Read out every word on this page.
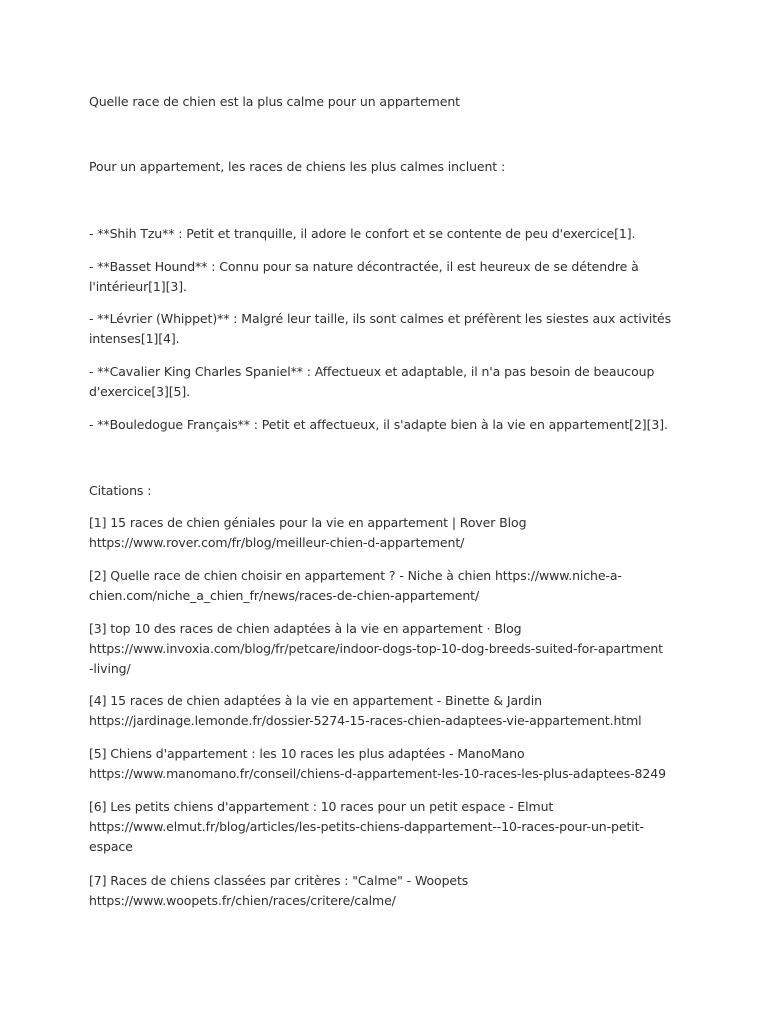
Quelle race de chien est la plus calme pour un appartement

Pour un appartement, les races de chiens les plus calmes incluent :

- **Shih Tzu** : Petit et tranquille, il adore le confort et se contente de peu d'exercice[1].

- **Basset Hound** : Connu pour sa nature décontractée, il est heureux de se détendre à
l'intérieur[1][3].

- **Lévrier (Whippet)** : Malgré leur taille, ils sont calmes et préfèrent les siestes aux activités
intenses[1][4].

- **Cavalier King Charles Spaniel** : Affectueux et adaptable, il n'a pas besoin de beaucoup
d'exercice[3][5].

- **Bouledogue Français** : Petit et affectueux, il s'adapte bien à la vie en appartement[2][3].

Citations :

[1] 15 races de chien géniales pour la vie en appartement | Rover Blog
https://www.rover.com/fr/blog/meilleur-chien-d-appartement/

[2] Quelle race de chien choisir en appartement ? - Niche à chien https://www.niche-a-
chien.com/niche_a_chien_fr/news/races-de-chien-appartement/

[3] top 10 des races de chien adaptées à la vie en appartement · Blog
https://www.invoxia.com/blog/fr/petcare/indoor-dogs-top-10-dog-breeds-suited-for-apartment
-living/

[4] 15 races de chien adaptées à la vie en appartement - Binette & Jardin
https://jardinage.lemonde.fr/dossier-5274-15-races-chien-adaptees-vie-appartement.html

[5] Chiens d'appartement : les 10 races les plus adaptées - ManoMano
https://www.manomano.fr/conseil/chiens-d-appartement-les-10-races-les-plus-adaptees-8249

[6] Les petits chiens d'appartement : 10 races pour un petit espace - Elmut
https://www.elmut.fr/blog/articles/les-petits-chiens-dappartement--10-races-pour-un-petit-
espace

[7] Races de chiens classées par critères : "Calme" - Woopets
https://www.woopets.fr/chien/races/critere/calme/
